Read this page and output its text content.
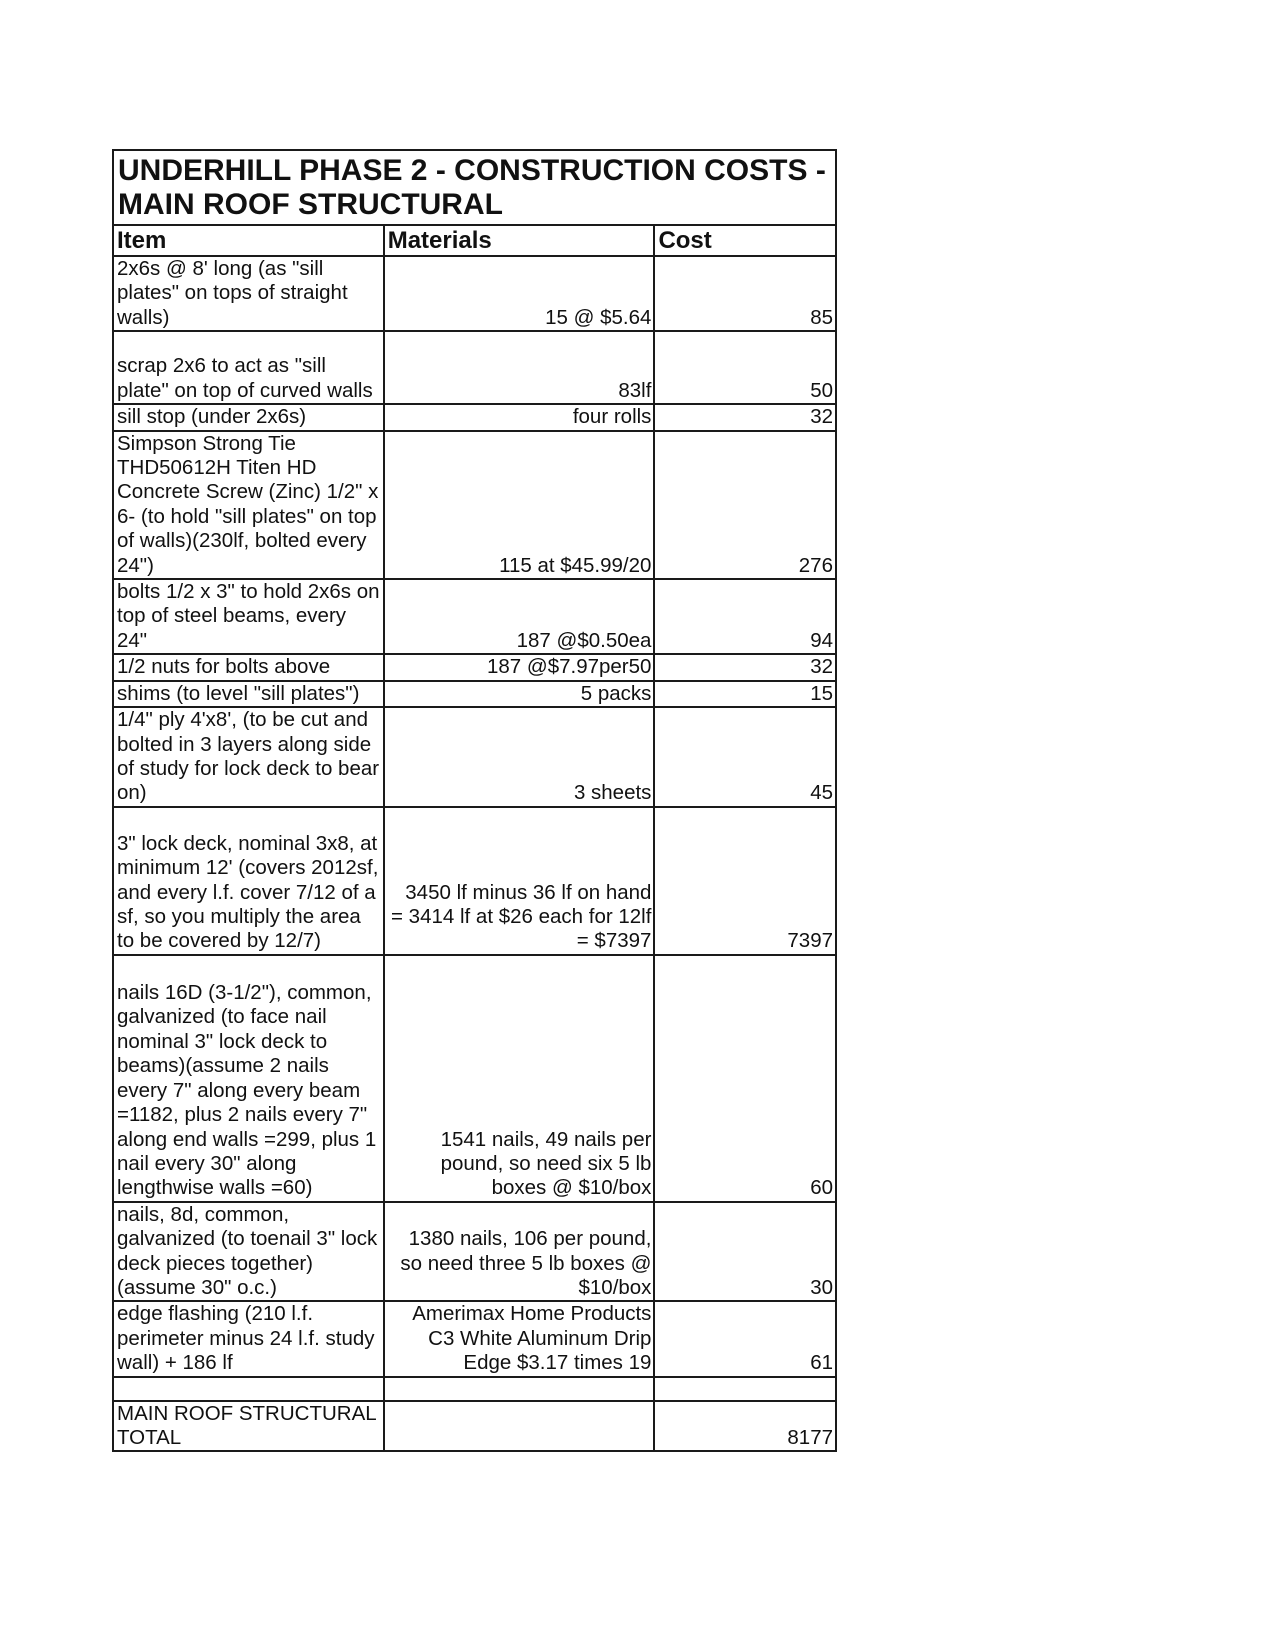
UNDERHILL PHASE 2 - CONSTRUCTION COSTS - MAIN ROOF STRUCTURAL		
Item	Materials	Cost
2x6s @ 8' long (as "sill plates" on tops of straight walls)	15 @ $5.64	85
scrap 2x6 to act as "sill plate" on top of curved walls	83lf	50
sill stop (under 2x6s)	four rolls	32
Simpson Strong Tie THD50612H Titen HD Concrete Screw (Zinc) 1/2" x 6- (to hold "sill plates" on top of walls)(230lf, bolted every 24")	115 at $45.99/20	276
bolts 1/2 x 3" to hold 2x6s on top of steel beams, every 24"	187 @$0.50ea	94
1/2 nuts for bolts above	187 @$7.97per50	32
shims (to level "sill plates")	5 packs	15
1/4" ply 4'x8', (to be cut and bolted in 3 layers along side of study for lock deck to bear on)	3 sheets	45
3" lock deck, nominal 3x8, at minimum 12' (covers 2012sf, and every l.f. cover 7/12 of a sf, so you multiply the area to be covered by 12/7)	3450 lf minus 36 lf on hand = 3414 lf at $26 each for 12lf = $7397	7397
nails 16D (3-1/2"), common, galvanized (to face nail nominal 3" lock deck to beams)(assume 2 nails every 7" along every beam =1182, plus 2 nails every 7" along end walls =299, plus 1 nail every 30" along lengthwise walls =60)	1541 nails, 49 nails per pound, so need six 5 lb boxes @ $10/box	60
nails, 8d, common, galvanized (to toenail 3" lock deck pieces together)(assume 30" o.c.)	1380 nails, 106 per pound, so need three 5 lb boxes @ $10/box	30
edge flashing (210 l.f. perimeter minus 24 l.f. study wall) + 186 lf	Amerimax Home Products C3 White Aluminum Drip Edge $3.17 times 19	61

MAIN ROOF STRUCTURAL TOTAL		8177
